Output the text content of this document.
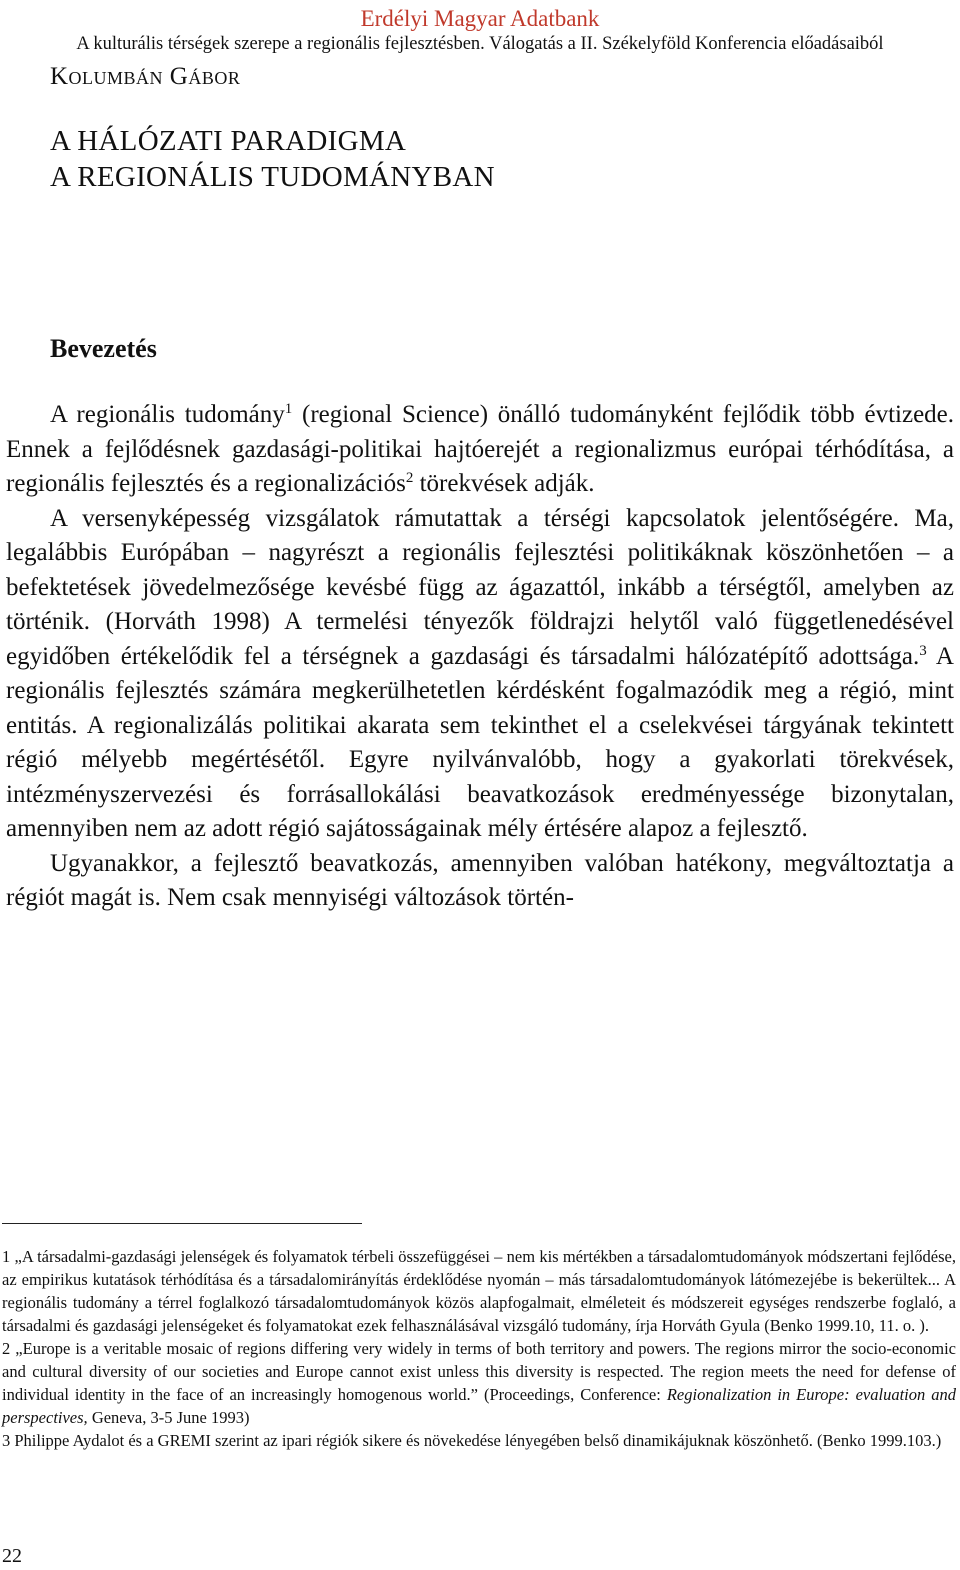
Erdélyi Magyar Adatbank
A kulturális térségek szerepe a regionális fejlesztésben. Válogatás a II. Székelyföld Konferencia előadásaiból
Kolumbán Gábor
A HÁLÓZATI PARADIGMA
A REGIONÁLIS TUDOMÁNYBAN
Bevezetés

A regionális tudomány$^1$ (regional Science) önálló tudományként fejlődik több évtizede. Ennek a fejlődésnek gazdasági-politikai hajtóerejét a regionalizmus európai térhódítása, a regionális fejlesztés és a regionalizációs$^2$ törekvések adják.

A versenyképesség vizsgálatok rámutattak a térségi kapcsolatok jelentőségére. Ma, legalábbis Európában – nagyrészt a regionális fejlesztési politikáknak köszönhetően – a befektetések jövedelmezősége kevésbé függ az ágazattól, inkább a térségtől, amelyben az történik. (Horváth 1998) A termelési tényezők földrajzi helytől való függetlenedésével egyidőben értékelődik fel a térségnek a gazdasági és társadalmi hálózatépítő adottsága.$^3$ A regionális fejlesztés számára megkerülhetetlen kérdésként fogalmazódik meg a régió, mint entitás. A regionalizálás politikai akarata sem tekinthet el a cselekvései tárgyának tekintett régió mélyebb megértésétől. Egyre nyilvánvalóbb, hogy a gyakorlati törekvések, intézményszervezési és forrásallokálási beavatkozások eredményessége bizonytalan, amennyiben nem az adott régió sajátosságainak mély értésére alapoz a fejlesztő.

Ugyanakkor, a fejlesztő beavatkozás, amennyiben valóban hatékony, megváltoztatja a régiót magát is. Nem csak mennyiségi változások történ-

1 „A társadalmi-gazdasági jelenségek és folyamatok térbeli összefüggései – nem kis mértékben a társadalomtudományok módszertani fejlődése, az empirikus kutatások térhódítása és a társadalomirányítás érdeklődése nyomán – más társadalomtudományok látómezejébe is bekerültek... A regionális tudomány a térrel foglalkozó társadalomtudományok közös alapfogalmait, elméleteit és módszereit egységes rendszerbe foglaló, a társadalmi és gazdasági jelenségeket és folyamatokat ezek felhasználásával vizsgáló tudomány, írja Horváth Gyula (Benko 1999.10, 11. o. ).

2 „Europe is a veritable mosaic of regions differing very widely in terms of both territory and powers. The regions mirror the socio-economic and cultural diversity of our societies and Europe cannot exist unless this diversity is respected. The region meets the need for defense of individual identity in the face of an increasingly homogenous world.” (Proceedings, Conference: Regionalization in Europe: evaluation and perspectives, Geneva, 3-5 June 1993)

3 Philippe Aydalot és a GREMI szerint az ipari régiók sikere és növekedése lényegében belső dinamikájuknak köszönhető. (Benko 1999.103.)

22
